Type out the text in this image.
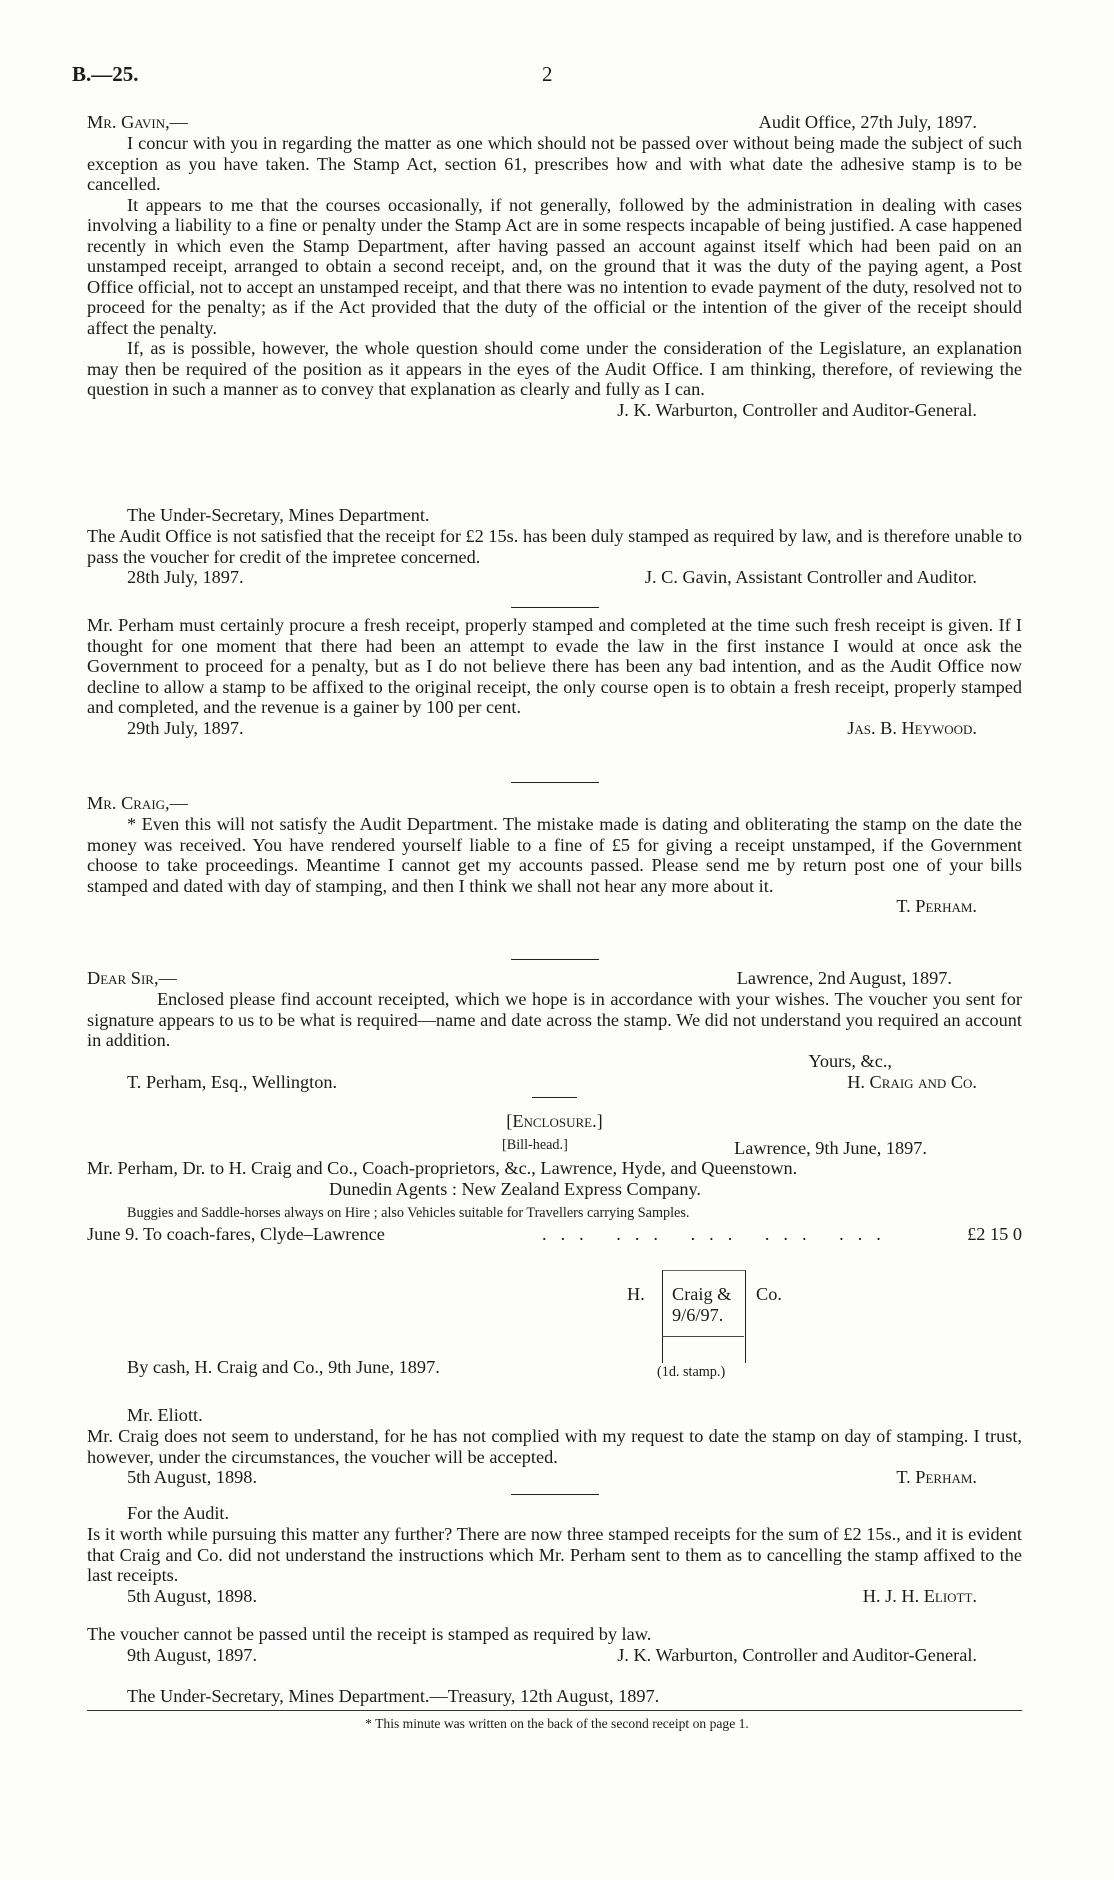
B.—25.	2
Mr. Gavin,—	Audit Office, 27th July, 1897.

I concur with you in regarding the matter as one which should not be passed over without being made the subject of such exception as you have taken. The Stamp Act, section 61, prescribes how and with what date the adhesive stamp is to be cancelled.

It appears to me that the courses occasionally, if not generally, followed by the administration in dealing with cases involving a liability to a fine or penalty under the Stamp Act are in some respects incapable of being justified. A case happened recently in which even the Stamp Department, after having passed an account against itself which had been paid on an unstamped receipt, arranged to obtain a second receipt, and, on the ground that it was the duty of the paying agent, a Post Office official, not to accept an unstamped receipt, and that there was no intention to evade payment of the duty, resolved not to proceed for the penalty; as if the Act provided that the duty of the official or the intention of the giver of the receipt should affect the penalty.

If, as is possible, however, the whole question should come under the consideration of the Legislature, an explanation may then be required of the position as it appears in the eyes of the Audit Office. I am thinking, therefore, of reviewing the question in such a manner as to convey that explanation as clearly and fully as I can.

J. K. Warburton, Controller and Auditor-General.
The Under-Secretary, Mines Department.

The Audit Office is not satisfied that the receipt for £2 15s. has been duly stamped as required by law, and is therefore unable to pass the voucher for credit of the impretee concerned.

28th July, 1897.	J. C. Gavin, Assistant Controller and Auditor.

Mr. Perham must certainly procure a fresh receipt, properly stamped and completed at the time such fresh receipt is given. If I thought for one moment that there had been an attempt to evade the law in the first instance I would at once ask the Government to proceed for a penalty, but as I do not believe there has been any bad intention, and as the Audit Office now decline to allow a stamp to be affixed to the original receipt, the only course open is to obtain a fresh receipt, properly stamped and completed, and the revenue is a gainer by 100 per cent.

29th July, 1897.	Jas. B. Heywood.
Mr. Craig,—

* Even this will not satisfy the Audit Department. The mistake made is dating and obliterating the stamp on the date the money was received. You have rendered yourself liable to a fine of £5 for giving a receipt unstamped, if the Government choose to take proceedings. Meantime I cannot get my accounts passed. Please send me by return post one of your bills stamped and dated with day of stamping, and then I think we shall not hear any more about it.

T. Perham.
Dear Sir,—	Lawrence, 2nd August, 1897.

Enclosed please find account receipted, which we hope is in accordance with your wishes. The voucher you sent for signature appears to us to be what is required—name and date across the stamp. We did not understand you required an account in addition.

Yours, &c.,
T. Perham, Esq., Wellington.	H. Craig and Co.
[Enclosure.]
[Bill-head.]	Lawrence, 9th June, 1897.
Mr. Perham, Dr. to H. Craig and Co., Coach-proprietors, &c., Lawrence, Hyde, and Queenstown.
Dunedin Agents : New Zealand Express Company.
Buggies and Saddle-horses always on Hire ; also Vehicles suitable for Travellers carrying Samples.
June 9. To coach-fares, Clyde–Lawrence	... ... ... ... ...	£2 15 0
H. Craig &
9/6/97.
Co.
(1d. stamp.)
By cash, H. Craig and Co., 9th June, 1897.
Mr. Eliott.

Mr. Craig does not seem to understand, for he has not complied with my request to date the stamp on day of stamping. I trust, however, under the circumstances, the voucher will be accepted.

5th August, 1898.	T. Perham.
For the Audit.

Is it worth while pursuing this matter any further? There are now three stamped receipts for the sum of £2 15s., and it is evident that Craig and Co. did not understand the instructions which Mr. Perham sent to them as to cancelling the stamp affixed to the last receipts.

5th August, 1898.	H. J. H. Eliott.

The voucher cannot be passed until the receipt is stamped as required by law.

9th August, 1897.	J. K. Warburton, Controller and Auditor-General.
The Under-Secretary, Mines Department.—Treasury, 12th August, 1897.
* This minute was written on the back of the second receipt on page 1.
